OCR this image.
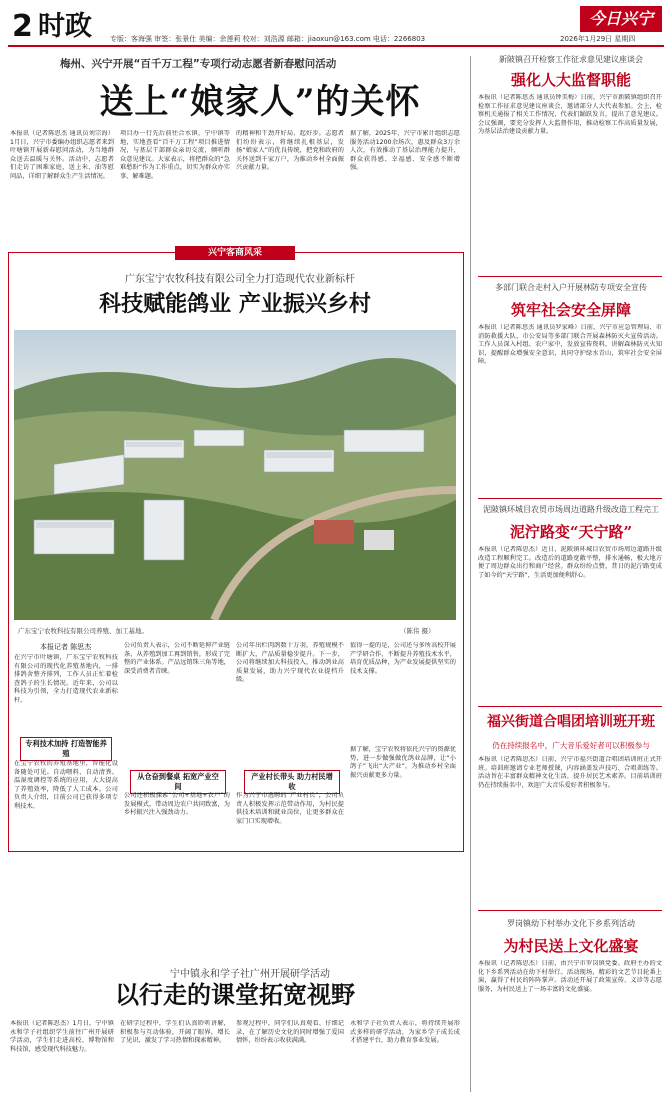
2 时政	专版：客海强 审签：张景仕 美编：余莲莉 校对：刘浩源 邮箱：jiaoxun@163.com 电话：2266803
今日兴宁
2026年1月29日 星期四
梅州、兴宁开展“百千万工程”专项行动志愿者新春慰问活动
送上“娘家人”的关怀
本报讯（记者陈思杰 通讯员刘宗海）1月日，兴宁市委编办组织志愿者来到叶塘镇开展新春慰问活动，为当地群众送去温暖与关怀。活动中，志愿者们走访了困难家庭，送上米、油等慰问品，详细了解群众生产生活情况。
项目办一行先后前往合水镇、宁中镇等地，实地查看“百千万工程”项目推进情况，与基层干部群众亲切交流，倾听群众意见建议。大家表示，将把群众的“急难愁盼”作为工作重点，切实为群众办实事、解难题。
的精神和干劲开好局、起好步。志愿者们纷纷表示，将继续扎根基层，发扬“娘家人”的优良传统，把党和政府的关怀送到千家万户，为推动乡村全面振兴贡献力量。
据了解，2025年，兴宁市累计组织志愿服务活动1200余场次，惠及群众3万余人次，有效推动了基层治理能力提升，群众获得感、幸福感、安全感不断增强。
兴宁客商风采
广东宝宁农牧科技有限公司全力打造现代农业新标杆
科技赋能鸽业 产业振兴乡村
广东宝宁农牧科技有限公司养殖、加工基地。	（陈伟 摄）
本报记者 陈思杰
在兴宁市叶塘镇，广东宝宁农牧科技有限公司的现代化养殖基地内，一排排鸽舍整齐排列，工作人员正忙着检查鸽子的生长情况。近年来，公司以科技为引领，全力打造现代农业新标杆。
专利技术加持 打造智能养殖
在宝宁农牧的养殖基地里，智能化设备随处可见。自动喂料、自动清粪、温湿度调控等系统的应用，大大提高了养殖效率，降低了人工成本。公司负责人介绍，目前公司已获得多项专利技术。
公司负责人表示，公司不断延伸产业链条，从养殖到加工再到销售，形成了完整的产业体系。产品远销珠三角等地，深受消费者青睐。
从仓奋到餐桌 拓宽产业空间
公司还积极探索“公司+基地+农户”的发展模式，带动周边农户共同致富，为乡村振兴注入强劲动力。
公司年出栏肉鸽数十万羽，养殖规模不断扩大，产品质量稳步提升。下一步，公司将继续加大科技投入，推动鸽业高质量发展，助力兴宁现代农业提档升级。
产业村长带头 助力村民增收
作为兴宁市选聘的“产业村长”，公司负责人积极发挥示范带动作用，为村民提供技术培训和就业岗位，让更多群众在家门口实现增收。
值得一提的是，公司还与多所高校开展产学研合作，不断提升养殖技术水平，培育优质品种，为产业发展提供坚实的技术支撑。
据了解，宝宁农牧将依托兴宁的资源优势，进一步做强做优鸽业品牌，让“小鸽子”飞出“大产业”，为推动乡村全面振兴贡献更多力量。
宁中镇永和学子社广州开展研学活动
以行走的课堂拓宽视野
本报讯（记者陈思杰）1月日，宁中镇永和学子社组织学生前往广州开展研学活动，学生们走进高校、博物馆和科技馆，感受现代科技魅力。
在研学过程中，学生们认真聆听讲解，积极参与互动体验，开阔了眼界，增长了见识，激发了学习热情和探索精神。
参观过程中，同学们认真观看、仔细记录，在了解历史文化的同时增强了爱国情怀，纷纷表示收获满满。
永和学子社负责人表示，将持续开展形式多样的研学活动，为家乡学子成长成才搭建平台，助力教育事业发展。
新陂镇召开检察工作征求意见建议座谈会
强化人大监督职能
本报讯（记者陈思杰 通讯员钟美梅）日前，兴宁市新陂镇组织召开检察工作征求意见建议座谈会，邀请部分人大代表参加。会上，检察机关通报了相关工作情况，代表们踊跃发言，提出了意见建议。会议强调，要充分发挥人大监督作用，推动检察工作高质量发展，为基层法治建设贡献力量。
多部门联合走村入户开展林防专项安全宣传
筑牢社会安全屏障
本报讯（记者陈思杰 通讯员罗家峰）日前，兴宁市应急管理局、市消防救援大队、市公安局等多部门联合开展森林防灭火宣传活动。工作人员深入村组、农户家中，发放宣传资料，讲解森林防灭火知识，提醒群众增强安全意识，共同守护绿水青山，筑牢社会安全屏障。
泥陂镇环城目农贸市场周边道路升级改造工程完工
泥泞路变“天宁路”
本报讯（记者陈思杰）近日，泥陂镇环城目农贸市场周边道路升级改造工程顺利完工。改造后的道路宽敞平整，排水通畅，极大地方便了周边群众出行和商户经营。群众纷纷点赞，昔日的泥泞路变成了如今的“天宁路”，生活更加便利舒心。
福兴街道合唱团培训班开班
仍在持续报名中，广大音乐爱好者可以积极参与
本报讯（记者陈思杰）日前，兴宁市福兴街道合唱团培训班正式开班。培训班邀请专业老师授课，内容涵盖发声技巧、合唱训练等。活动旨在丰富群众精神文化生活，提升居民艺术素养。目前培训班仍在持续报名中，欢迎广大音乐爱好者积极参与。
罗岗镇幼下村举办文化下乡系列活动
为村民送上文化盛宴
本报讯（记者陈思杰）日前，由兴宁市罗岗镇党委、政府主办的文化下乡系列活动在幼下村举行。活动现场，精彩的文艺节目轮番上演，赢得了村民的阵阵掌声。活动还开展了政策宣传、义诊等志愿服务，为村民送上了一场丰富的文化盛宴。
